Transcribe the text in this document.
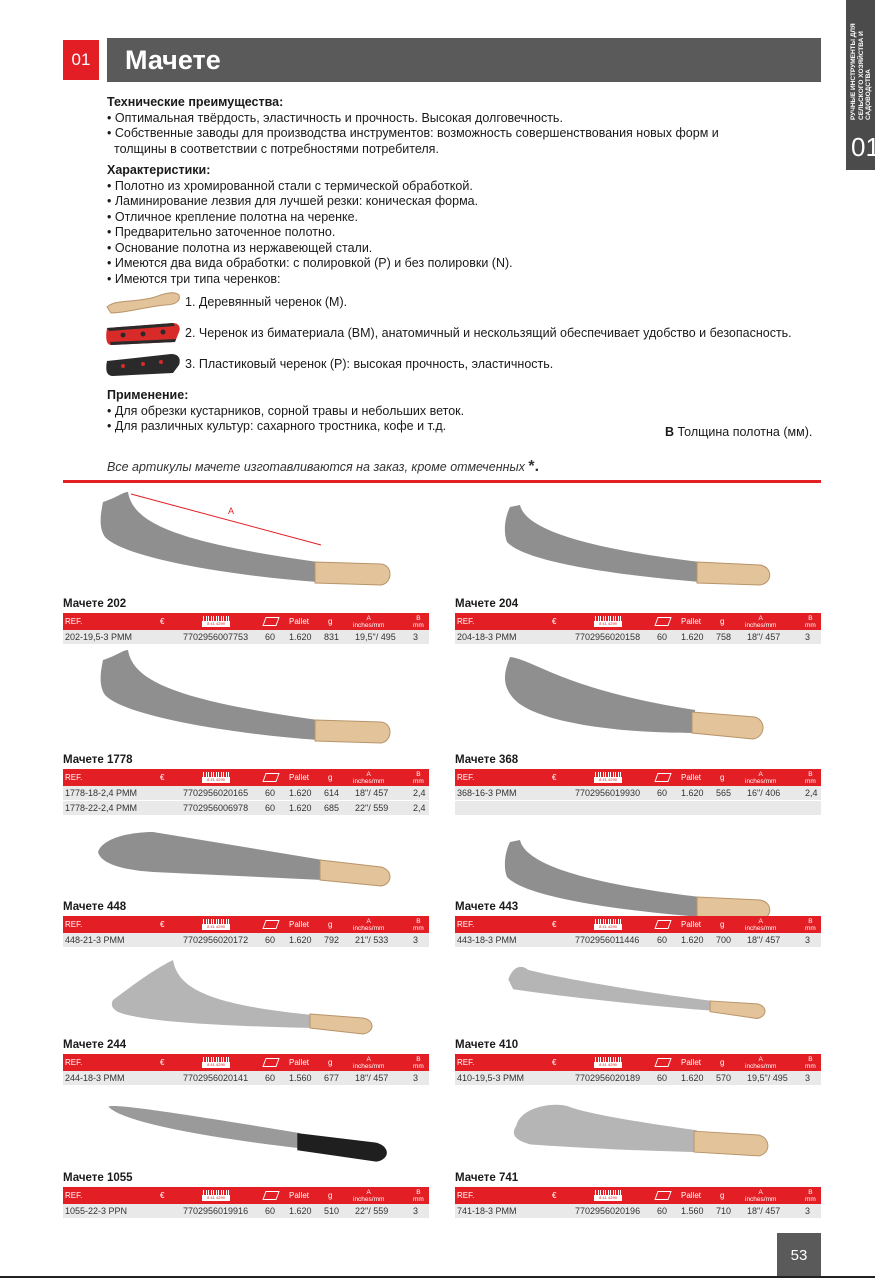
РУЧНЫЕ ИНСТРУМЕНТЫ ДЛЯ СЕЛЬСКОГО ХОЗЯЙСТВА И САДОВОДСТВА
01
01	Мачете
Технические преимущества:

• Оптимальная твёрдость, эластичность и прочность. Высокая долговечность.

• Собственные заводы для производства инструментов: возможность совершенствования новых форм и

толщины в соответствии с потребностями потребителя.

Характеристики:

• Полотно из хромированной стали с термической обработкой.

• Ламинирование лезвия для лучшей резки: коническая форма.

• Отличное крепление полотна на черенке.

• Предварительно заточенное полотно.

• Основание полотна из нержавеющей стали.

• Имеются два вида обработки: с полировкой (P) и без полировки (N).

• Имеются три типа черенков:

1. Деревянный черенок (M).
2. Черенок из биматериала (BM), анатомичный и нескользящий обеспечивает удобство и безопасность.
3. Пластиковый черенок (P): высокая прочность, эластичность.
Применение:

• Для обрезки кустарников, сорной травы и небольших веток.

• Для различных культур: сахарного тростника, кофе и т.д.	B Толщина полотна (мм).
Все артикулы мачете изготавливаются на заказ, кроме отмеченных *.
A
Мачете 202
REF.	€	8 41 4299	Pallet g	A
inches/mm
B
mm
202-19,5-3 PMM	7702956007753 60 1.620 831 19,5"/ 495 3
Мачете 204
REF.	€	8 41 4299	Pallet g	A
inches/mm
B
mm
204-18-3 PMM	7702956020158 60 1.620 758 18"/ 457	3
Мачете 1778
REF.	€	8 41 4299	Pallet g	A
inches/mm
B
mm
1778-18-2,4 PMM	7702956020165 60 1.620 614 18"/ 457	2,4
1778-22-2,4 PMM	7702956006978 60 1.620 685 22"/ 559	2,4
Мачете 368
REF.	€	8 41 4299	Pallet g	A
inches/mm
B
mm
368-16-3 PMM	7702956019930 60 1.620 565 16"/ 406	2,4
Мачете 448
REF.	€	8 41 4299	Pallet g	A
inches/mm
B
mm
448-21-3 PMM	7702956020172 60 1.620 792 21"/ 533	3
Мачете 443
REF.	€	8 41 4299	Pallet g	A
inches/mm
B
mm
443-18-3 PMM	7702956011446 60 1.620 700 18"/ 457	3
Мачете 244
REF.	€	8 41 4299	Pallet g	A
inches/mm
B
mm
244-18-3 PMM	7702956020141 60 1.560 677 18"/ 457	3
Мачете 410
REF.	€	8 41 4299	Pallet g	A
inches/mm
B
mm
410-19,5-3 PMM	7702956020189 60 1.620 570 19,5"/ 495 3
Мачете 1055
REF.	€	8 41 4299	Pallet g	A
inches/mm
B
mm
1055-22-3 PPN	7702956019916 60 1.620 510 22"/ 559	3
Мачете 741
REF.	€	8 41 4299	Pallet g	A
inches/mm
B
mm
741-18-3 PMM	7702956020196 60 1.560 710 18"/ 457	3
53
